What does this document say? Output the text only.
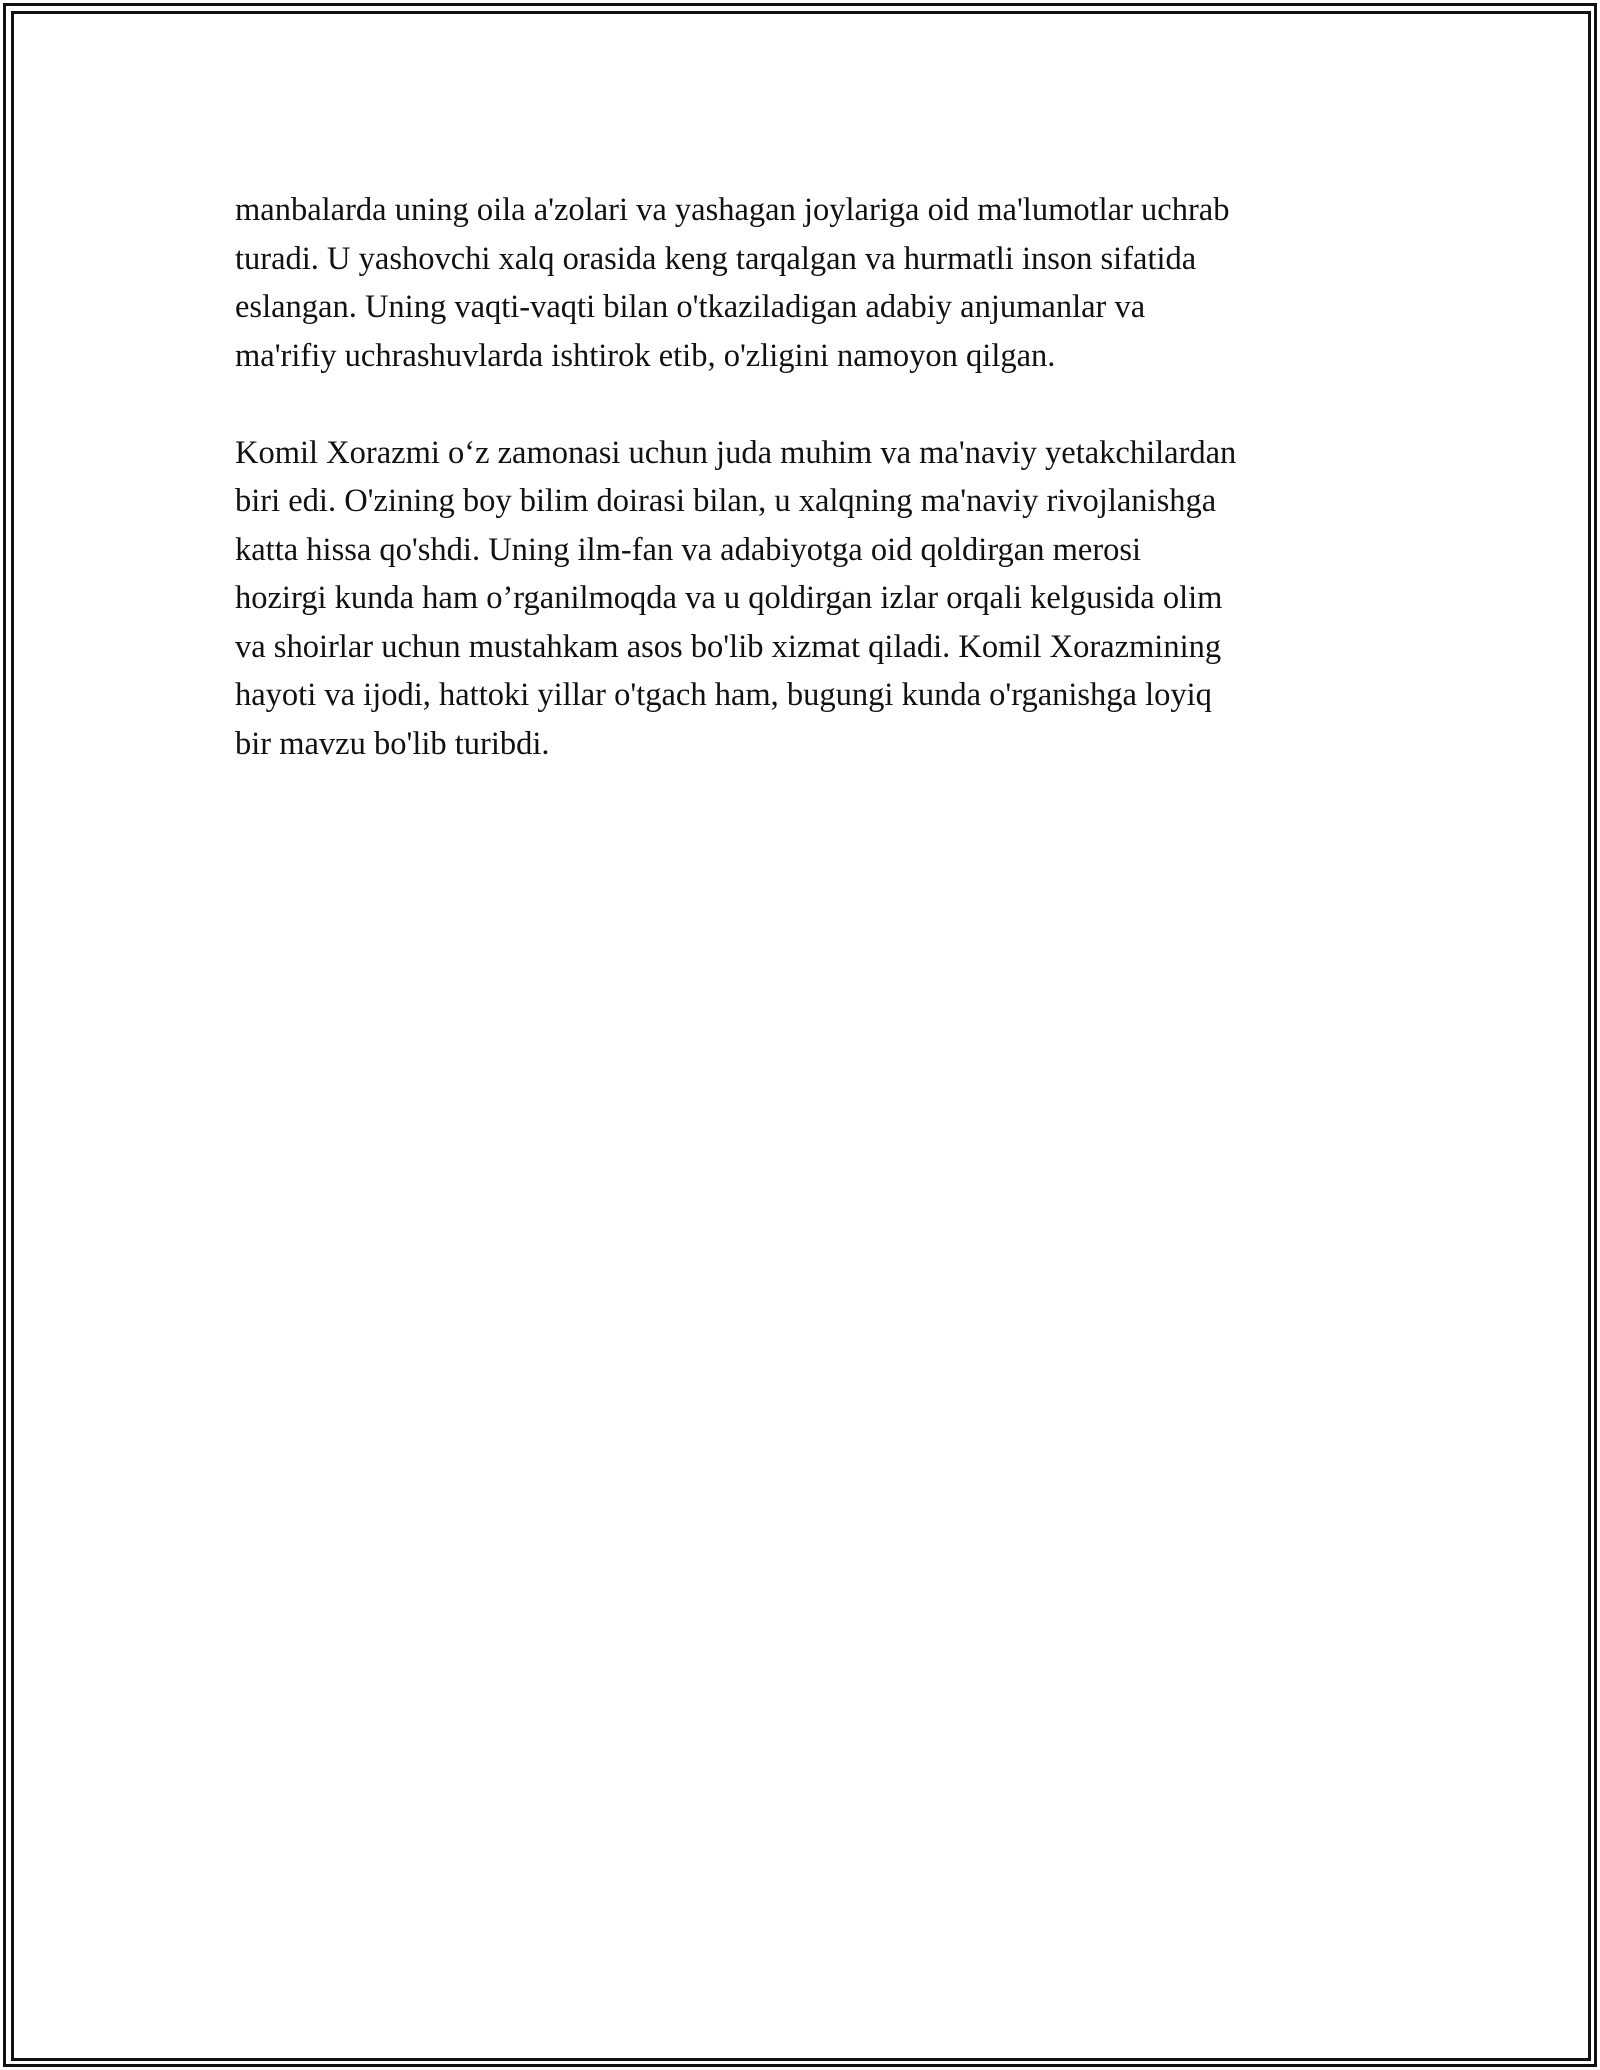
manbalarda uning oila a'zolari va yashagan joylariga oid ma'lumotlar uchrab
turadi. U yashovchi xalq orasida keng tarqalgan va hurmatli inson sifatida
eslangan. Uning vaqti-vaqti bilan o'tkaziladigan adabiy anjumanlar va
ma'rifiy uchrashuvlarda ishtirok etib, o'zligini namoyon qilgan.

Komil Xorazmi o‘z zamonasi uchun juda muhim va ma'naviy yetakchilardan
biri edi. O'zining boy bilim doirasi bilan, u xalqning ma'naviy rivojlanishga
katta hissa qo'shdi. Uning ilm-fan va adabiyotga oid qoldirgan merosi
hozirgi kunda ham o’rganilmoqda va u qoldirgan izlar orqali kelgusida olim
va shoirlar uchun mustahkam asos bo'lib xizmat qiladi. Komil Xorazmining
hayoti va ijodi, hattoki yillar o'tgach ham, bugungi kunda o'rganishga loyiq
bir mavzu bo'lib turibdi.
